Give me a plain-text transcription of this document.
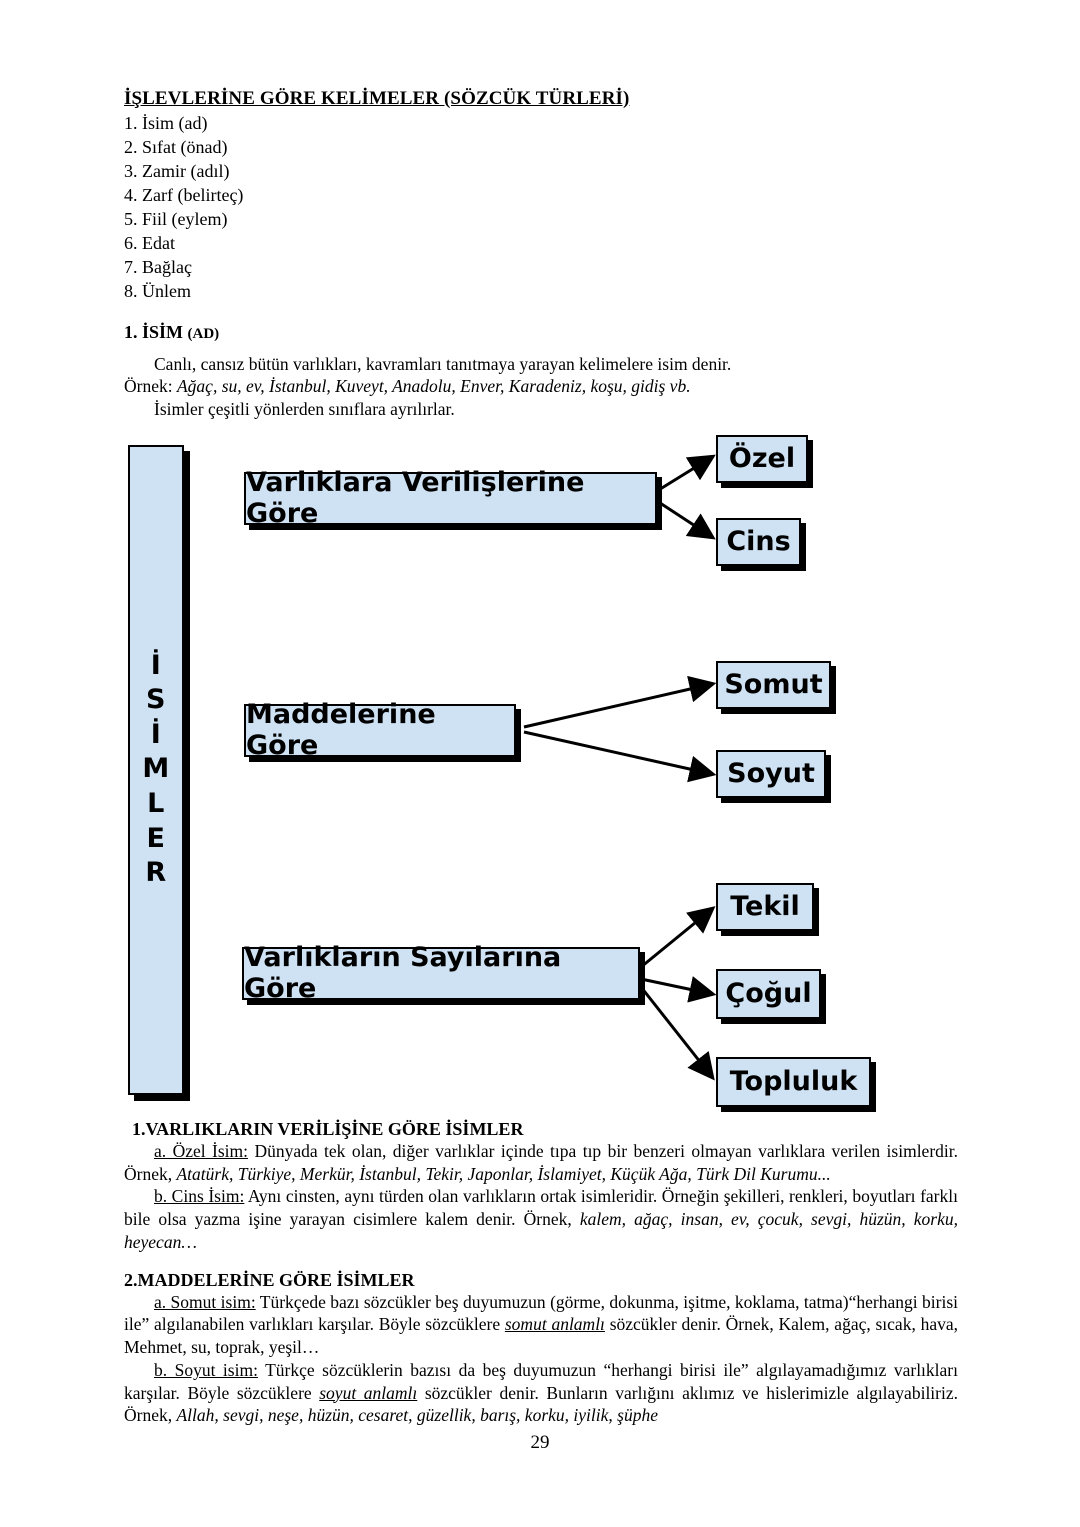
İŞLEVLERİNE GÖRE KELİMELER (SÖZCÜK TÜRLERİ)
1. İsim (ad)
2. Sıfat (önad)
3. Zamir (adıl)
4. Zarf (belirteç)
5. Fiil (eylem)
6. Edat
7. Bağlaç
8. Ünlem
1. İSİM (AD)

Canlı, cansız bütün varlıkları, kavramları tanıtmaya yarayan kelimelere isim denir.

Örnek: Ağaç, su, ev, İstanbul, Kuveyt, Anadolu, Enver, Karadeniz, koşu, gidiş vb.

İsimler çeşitli yönlerden sınıflara ayrılırlar.

İ
S
İ
M
L
E
R
Varlıklara Verilişlerine Göre
Özel
Cins
Maddelerine Göre
Somut
Soyut
Varlıkların Sayılarına Göre
Tekil
Çoğul
Topluluk
1.VARLIKLARIN VERİLİŞİNE GÖRE İSİMLER

a. Özel İsim: Dünyada tek olan, diğer varlıklar içinde tıpa tıp bir benzeri olmayan varlıklara verilen isimlerdir. Örnek, Atatürk, Türkiye, Merkür, İstanbul, Tekir, Japonlar, İslamiyet, Küçük Ağa, Türk Dil Kurumu...

b. Cins İsim: Aynı cinsten, aynı türden olan varlıkların ortak isimleridir. Örneğin şekilleri, renkleri, boyutları farklı bile olsa yazma işine yarayan cisimlere kalem denir. Örnek, kalem, ağaç, insan, ev, çocuk, sevgi, hüzün, korku, heyecan…

2.MADDELERİNE GÖRE İSİMLER

a. Somut isim: Türkçede bazı sözcükler beş duyumuzun (görme, dokunma, işitme, koklama, tatma)“herhangi birisi ile” algılanabilen varlıkları karşılar. Böyle sözcüklere somut anlamlı sözcükler denir. Örnek, Kalem, ağaç, sıcak, hava, Mehmet, su, toprak, yeşil…

b. Soyut isim: Türkçe sözcüklerin bazısı da beş duyumuzun “herhangi birisi ile” algılayamadığımız varlıkları karşılar. Böyle sözcüklere soyut anlamlı sözcükler denir. Bunların varlığını aklımız ve hislerimizle algılayabiliriz. Örnek, Allah, sevgi, neşe, hüzün, cesaret, güzellik, barış, korku, iyilik, şüphe

29
